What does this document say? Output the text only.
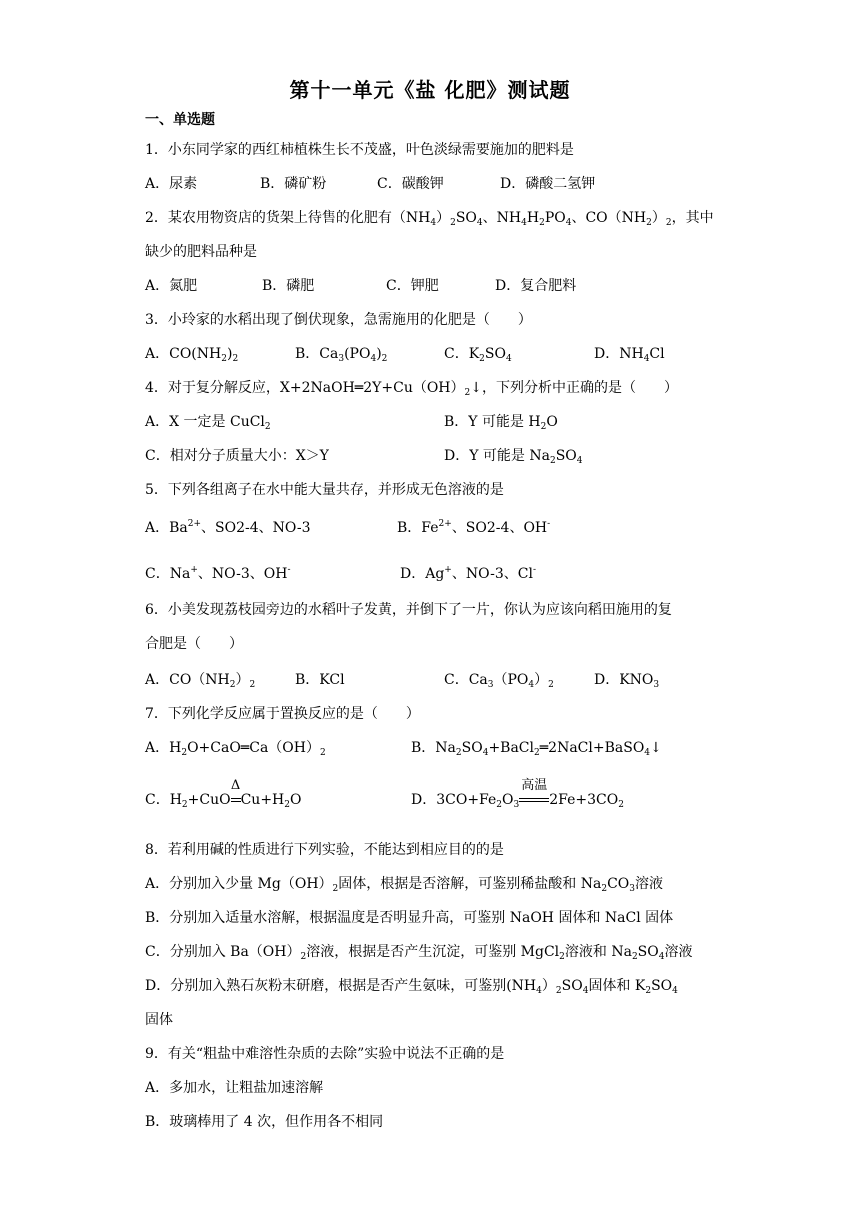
第十一单元《盐 化肥》测试题
一、单选题
1．小东同学家的西红柿植株生长不茂盛，叶色淡绿需要施加的肥料是
A．尿素	B．磷矿粉	C．碳酸钾	D．磷酸二氢钾
2．某农用物资店的货架上待售的化肥有$(NH_4)_2SO_4$、$NH_4H_2PO_4$、$CO(NH_2)_2$，其中
缺少的肥料品种是
A．氮肥	B．磷肥	C．钾肥	D．复合肥料
3．小玲家的水稻出现了倒伏现象，急需施用的化肥是（　　）
A．$CO(NH_2)_2$	B．$Ca_3(PO_4)_2$	C．$K_2SO_4$	D．$NH_4Cl$
4．对于复分解反应，$X+2NaOH═2Y+Cu(OH)_2↓$，下列分析中正确的是（　　）
A．X 一定是 CuCl$_2$	B．Y 可能是 $H_2O$
C．相对分子质量大小：X＞Y	D．Y 可能是 $Na_2SO_4$
5．下列各组离子在水中能大量共存，并形成无色溶液的是
A．$Ba^{2+}$、SO2-4、NO-3	B．$Fe^{2+}$、SO2-4、OH-
C．Na+、NO-3、OH-	D．Ag+、NO-3、Cl-
6．小美发现荔枝园旁边的水稻叶子发黄，并倒下了一片，你认为应该向稻田施用的复
合肥是（　　）
A．$CO(NH_2)_2$	B．KCl	C．$Ca_3(PO_4)_2$	D．$KNO_3$
7．下列化学反应属于置换反应的是（　　）
A．$H_2O+CaO═Ca(OH)_2$	B．$Na_2SO_4+BaCl_2═2NaCl+BaSO_4↓$
C．$H_2+CuO$
Δ
$Cu+H_2O$	D．$3CO+Fe_2O_3$
高温
$2Fe+3CO_2$
8．若利用碱的性质进行下列实验，不能达到相应目的的是
A．分别加入少量 $Mg(OH)_2$固体，根据是否溶解，可鉴别稀盐酸和 $Na_2CO_3$溶液
B．分别加入适量水溶解，根据温度是否明显升高，可鉴别 NaOH 固体和 NaCl 固体
C．分别加入 $Ba(OH)_2$溶液，根据是否产生沉淀，可鉴别 MgCl$_2$溶液和 $Na_2SO_4$溶液
D．分别加入熟石灰粉末研磨，根据是否产生氨味，可鉴别$(NH_4)_2SO_4$固体和 $K_2SO_4$
固体
9．有关“粗盐中难溶性杂质的去除”实验中说法不正确的是
A．多加水，让粗盐加速溶解
B．玻璃棒用了 4 次，但作用各不相同
